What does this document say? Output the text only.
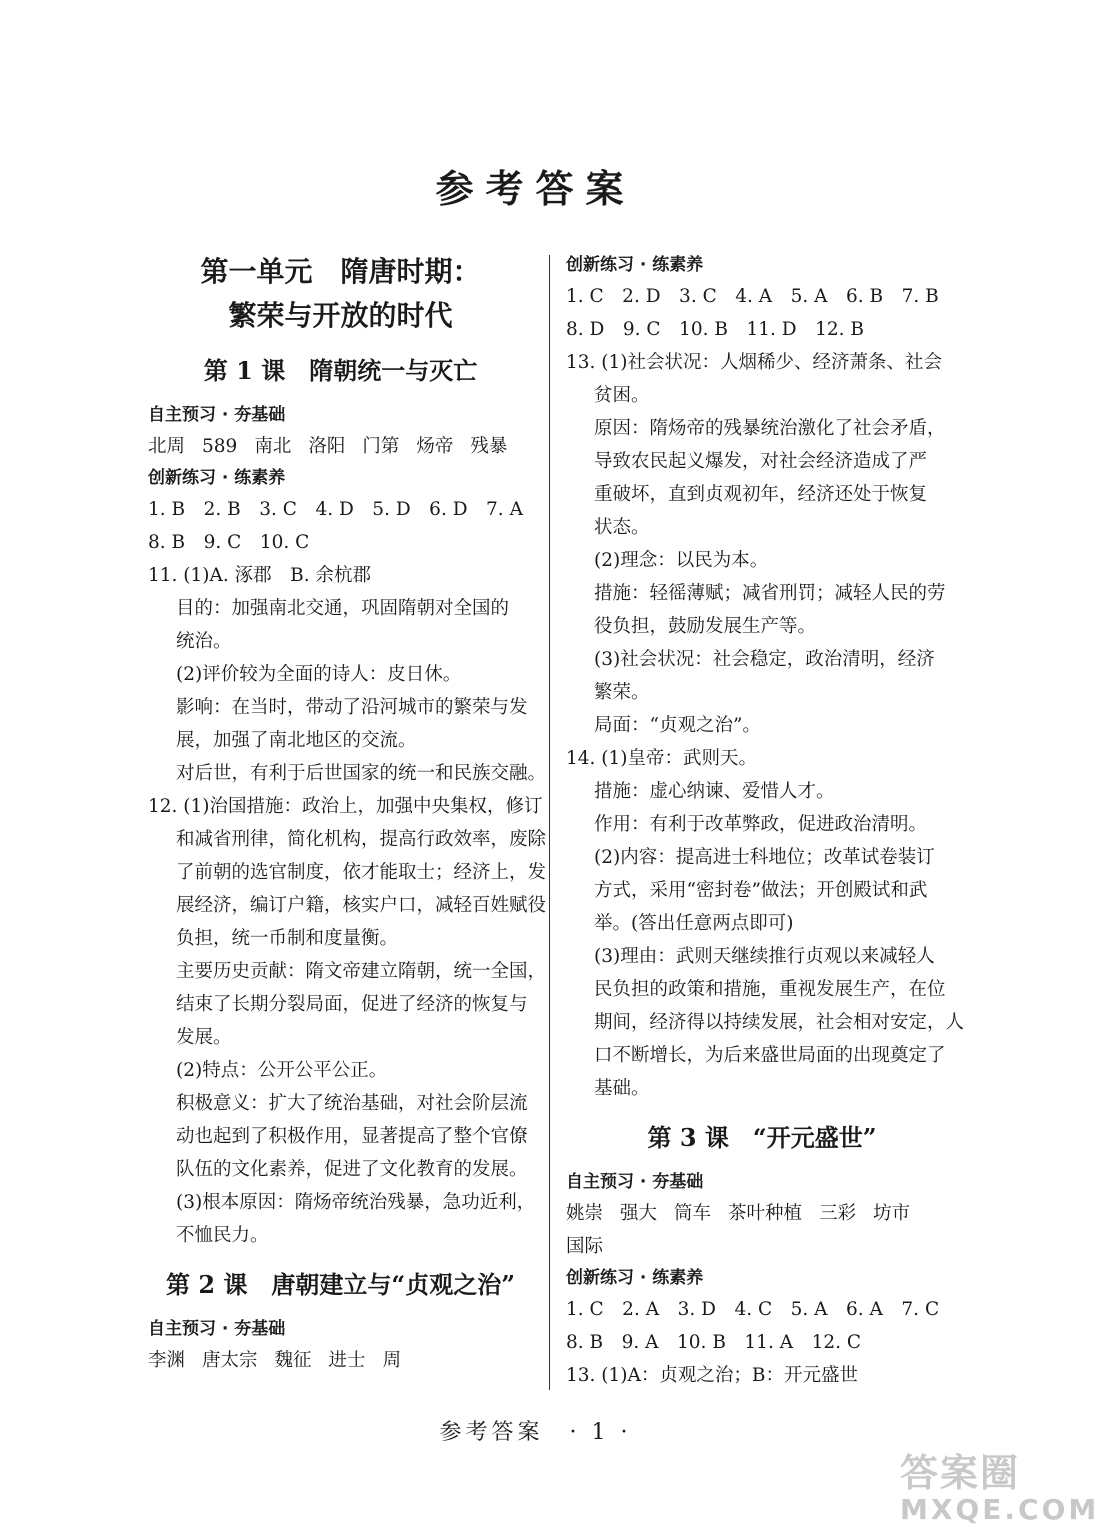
参考答案
第一单元　隋唐时期：
繁荣与开放的时代
第 1 课　隋朝统一与灭亡
自主预习 · 夯基础
北周 589 南北 洛阳 门第 炀帝 残暴
创新练习 · 练素养
1. B　2. B　3. C　4. D　5. D　6. D　7. A
8. B　9. C　10. C
11. (1)A. 涿郡　B. 余杭郡
目的：加强南北交通，巩固隋朝对全国的
统治。
(2)评价较为全面的诗人：皮日休。
影响：在当时，带动了沿河城市的繁荣与发
展，加强了南北地区的交流。
对后世，有利于后世国家的统一和民族交融。
12. (1)治国措施：政治上，加强中央集权，修订
和减省刑律，简化机构，提高行政效率，废除
了前朝的选官制度，依才能取士；经济上，发
展经济，编订户籍，核实户口，减轻百姓赋役
负担，统一币制和度量衡。
主要历史贡献：隋文帝建立隋朝，统一全国，
结束了长期分裂局面，促进了经济的恢复与
发展。
(2)特点：公开公平公正。
积极意义：扩大了统治基础，对社会阶层流
动也起到了积极作用，显著提高了整个官僚
队伍的文化素养，促进了文化教育的发展。
(3)根本原因：隋炀帝统治残暴，急功近利，
不恤民力。
第 2 课　唐朝建立与“贞观之治”
自主预习 · 夯基础
李渊 唐太宗 魏征 进士 周
创新练习 · 练素养
1. C　2. D　3. C　4. A　5. A　6. B　7. B
8. D　9. C　10. B　11. D　12. B
13. (1)社会状况：人烟稀少、经济萧条、社会
贫困。
原因：隋炀帝的残暴统治激化了社会矛盾，
导致农民起义爆发，对社会经济造成了严
重破坏，直到贞观初年，经济还处于恢复
状态。
(2)理念：以民为本。
措施：轻徭薄赋；减省刑罚；减轻人民的劳
役负担，鼓励发展生产等。
(3)社会状况：社会稳定，政治清明，经济
繁荣。
局面：“贞观之治”。
14. (1)皇帝：武则天。
措施：虚心纳谏、爱惜人才。
作用：有利于改革弊政，促进政治清明。
(2)内容：提高进士科地位；改革试卷装订
方式，采用“密封卷”做法；开创殿试和武
举。(答出任意两点即可)
(3)理由：武则天继续推行贞观以来减轻人
民负担的政策和措施，重视发展生产，在位
期间，经济得以持续发展，社会相对安定，人
口不断增长，为后来盛世局面的出现奠定了
基础。
第 3 课　“开元盛世”
自主预习 · 夯基础
姚崇 强大 筒车 茶叶种植 三彩 坊市
国际
创新练习 · 练素养
1. C　2. A　3. D　4. C　5. A　6. A　7. C
8. B　9. A　10. B　11. A　12. C
13. (1)A：贞观之治；B：开元盛世
参考答案　· 1 ·
答案圈
MXQE.COM
